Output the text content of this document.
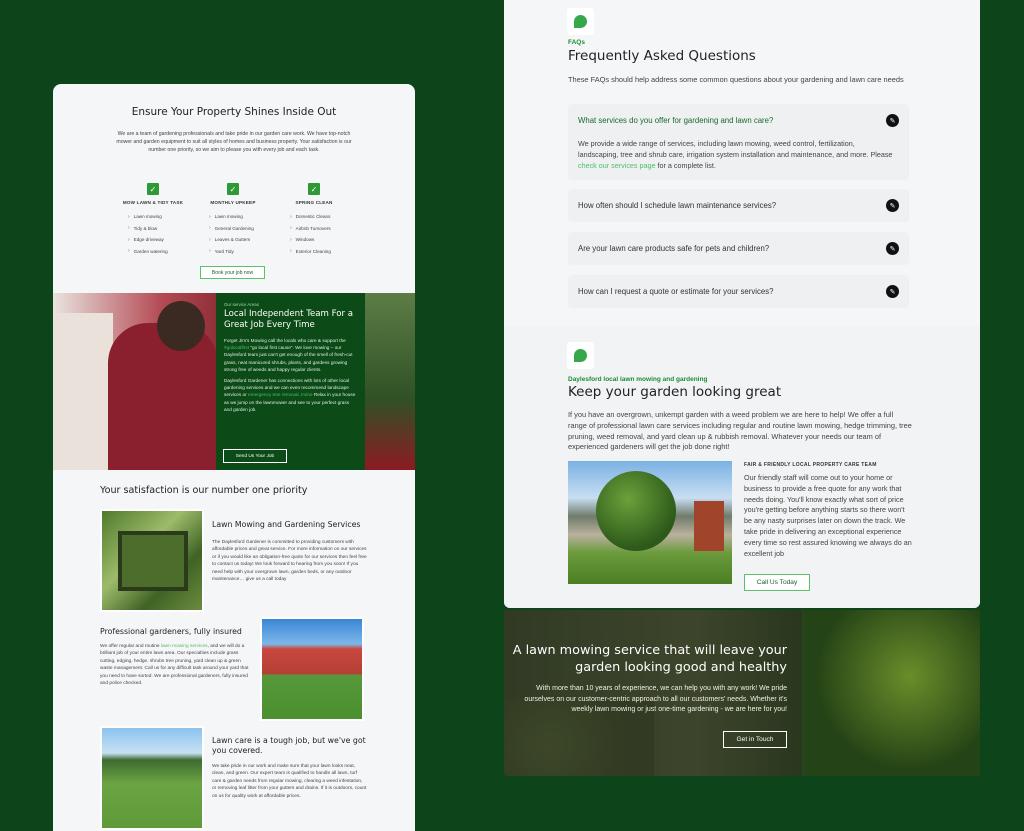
Ensure Your Property Shines Inside Out
We are a team of gardening professionals and take pride in our garden care work. We have top-notch mower and garden equipment to suit all styles of homes and business property. Your satisfaction is our number one priority, so we aim to please you with every job and each task.
✓
MOW LAWN & TIDY TASK
› Lawn mowing
› Tidy & blow
› Edge driveway
› Garden watering
✓
MONTHLY UPKEEP
› Lawn mowing
› General Gardening
› Leaves & Gutters
› Yard Tidy
✓
SPRING CLEAN
› Domestic Cleans
› Airbnb Turnovers
› Windows
› Exterior Cleaning
Book your job now
Our service Areas
Local Independent Team For a Great Job Every Time
Forget Jim's Mowing call the locals who care & support the #golocalfirst "go local first cause". We love mowing – our Daylesford team just can't get enough of the smell of fresh-cut grass, neat manicured shrubs, plants, and gardens growing strong free of weeds and happy regular clients.
Daylesford Gardener has connections with lots of other local gardening services and we can even recommend landscape services or emergency tree removal, Irvine Relax in your house as we jump on the lawnmower and see to your perfect grass and garden job.
Send Us Your Job
Your satisfaction is our number one priority
Lawn Mowing and Gardening Services
The Daylesford Gardener is committed to providing customers with affordable prices and great service. For more information on our services or if you would like an obligation-free quote for our services then feel free to contact us today! We look forward to hearing from you soon! If you need help with your overgrown lawn, garden beds, or any outdoor maintenance… give us a call today
Professional gardeners, fully insured
We offer regular and routine lawn mowing services, and we will do a brilliant job of your entire lawn area. Our specialties include grass cutting, edging, hedge, shrubs tree pruning, yard clean up & green waste management. Call us for any difficult task around your yard that you need to have sorted. We are professional gardeners, fully insured and police checked.
Lawn care is a tough job, but we've got you covered.
We take pride in our work and make sure that your lawn looks neat, clean, and green. Our expert team is qualified to handle all lawn, turf care & garden needs from regular mowing, clearing a weed infestation, or removing leaf litter from your gutters and drains. If it is outdoors, count on us for quality work at affordable prices.
FAQs
Frequently Asked Questions
These FAQs should help address some common questions about your gardening and lawn care needs
What services do you offer for gardening and lawn care?	✎
We provide a wide range of services, including lawn mowing, weed control, fertilization, landscaping, tree and shrub care, irrigation system installation and maintenance, and more. Please check our services page for a complete list.
How often should I schedule lawn maintenance services?	✎
Are your lawn care products safe for pets and children?	✎
How can I request a quote or estimate for your services?	✎
Daylesford local lawn mowing and gardening
Keep your garden looking great
If you have an overgrown, unkempt garden with a weed problem we are here to help! We offer a full range of professional lawn care services including regular and routine lawn mowing, hedge trimming, tree pruning, weed removal, and yard clean up & rubbish removal. Whatever your needs our team of experienced gardeners will get the job done right!
FAIR & FRIENDLY LOCAL PROPERTY CARE TEAM
Our friendly staff will come out to your home or business to provide a free quote for any work that needs doing. You'll know exactly what sort of price you're getting before anything starts so there won't be any nasty surprises later on down the track. We take pride in delivering an exceptional experience every time so rest assured knowing we always do an excellent job
Call Us Today
A lawn mowing service that will leave your garden looking good and healthy
With more than 10 years of experience, we can help you with any work! We pride ourselves on our customer-centric approach to all our customers' needs. Whether it's weekly lawn mowing or just one-time gardening - we are here for you!
Get in Touch
